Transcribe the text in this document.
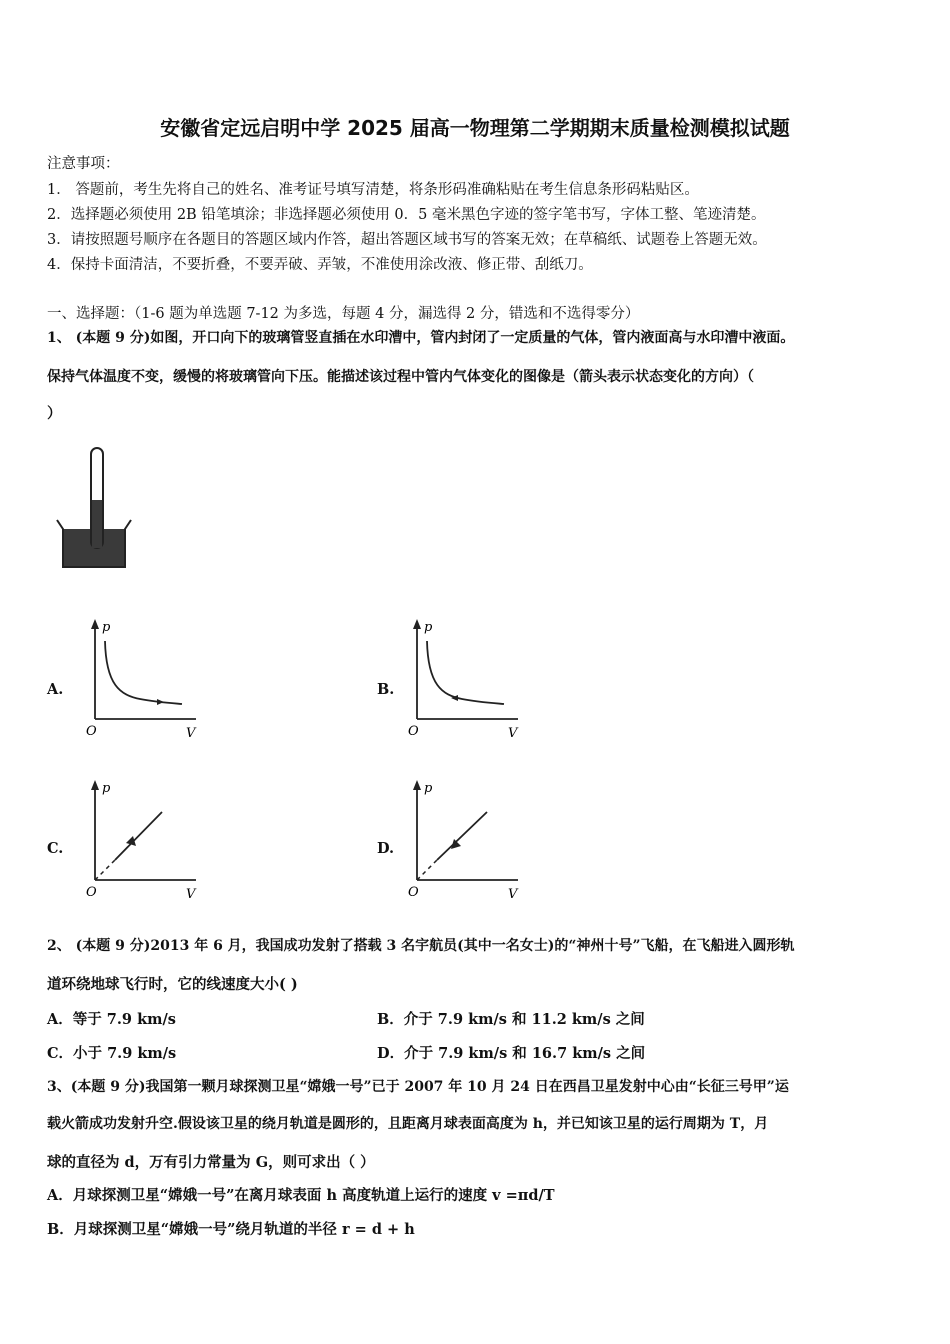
安徽省定远启明中学 2025 届高一物理第二学期期末质量检测模拟试题
注意事项：
1． 答题前，考生先将自己的姓名、准考证号填写清楚，将条形码准确粘贴在考生信息条形码粘贴区。
2．选择题必须使用 2B 铅笔填涂；非选择题必须使用 0．5 毫米黑色字迹的签字笔书写，字体工整、笔迹清楚。
3．请按照题号顺序在各题目的答题区域内作答，超出答题区域书写的答案无效；在草稿纸、试题卷上答题无效。
4．保持卡面清洁，不要折叠，不要弄破、弄皱，不准使用涂改液、修正带、刮纸刀。
一、选择题：（1-6 题为单选题 7-12 为多选，每题 4 分，漏选得 2 分，错选和不选得零分）
1、 (本题 9 分)如图，开口向下的玻璃管竖直插在水印漕中，管内封闭了一定质量的气体，管内液面高与水印漕中液面。
保持气体温度不变，缓慢的将玻璃管向下压。能描述该过程中管内气体变化的图像是（箭头表示状态变化的方向）（
）
A.
p
O	V
B.
p
O	V
C.
p
O	V
D.
p
O	V
2、 (本题 9 分)2013 年 6 月，我国成功发射了搭载 3 名宇航员(其中一名女士)的“神州十号”飞船，在飞船进入圆形轨
道环绕地球飞行时，它的线速度大小( )
A．等于 7.9 km/s	B．介于 7.9 km/s 和 11.2 km/s 之间
C．小于 7.9 km/s	D．介于 7.9 km/s 和 16.7 km/s 之间
3、(本题 9 分)我国第一颗月球探测卫星“嫦娥一号”已于 2007 年 10 月 24 日在西昌卫星发射中心由“长征三号甲”运
载火箭成功发射升空.假设该卫星的绕月轨道是圆形的，且距离月球表面高度为 h，并已知该卫星的运行周期为 T，月
球的直径为 d，万有引力常量为 G，则可求出（ ）
A．月球探测卫星“嫦娥一号”在离月球表面 h 高度轨道上运行的速度 v =πd/T
B．月球探测卫星“嫦娥一号”绕月轨道的半径 r = d + h
